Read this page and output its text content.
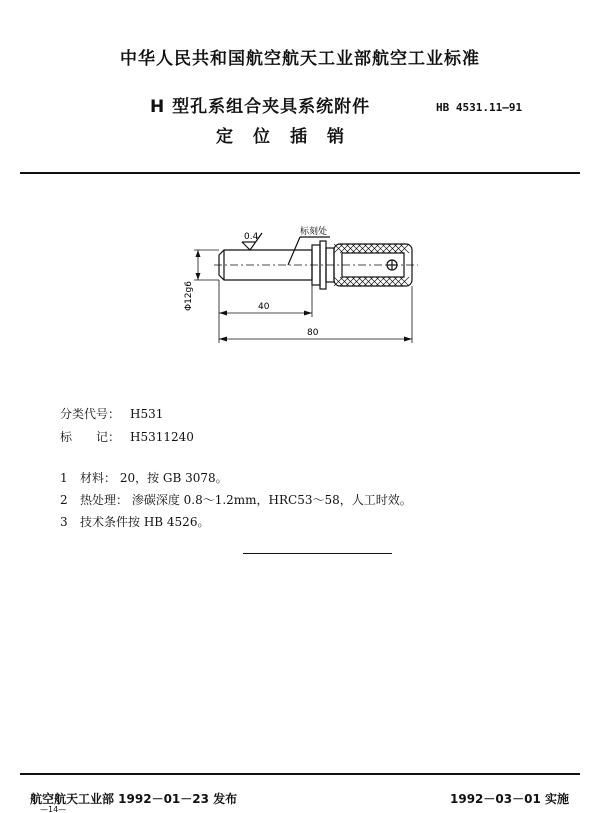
中华人民共和国航空航天工业部航空工业标准
H 型孔系组合夹具系统附件	HB 4531.11—91
定位插销
0.4	标刻处
Φ12g6	40
80
分类代号： H531
标　　记： H5311240
1 材料： 20，按 GB 3078。
2 热处理： 渗碳深度 0.8～1.2mm，HRC53～58，人工时效。
3 技术条件按 HB 4526。
航空航天工业部 1992－01－23 发布	1992－03－01 实施
—14—
